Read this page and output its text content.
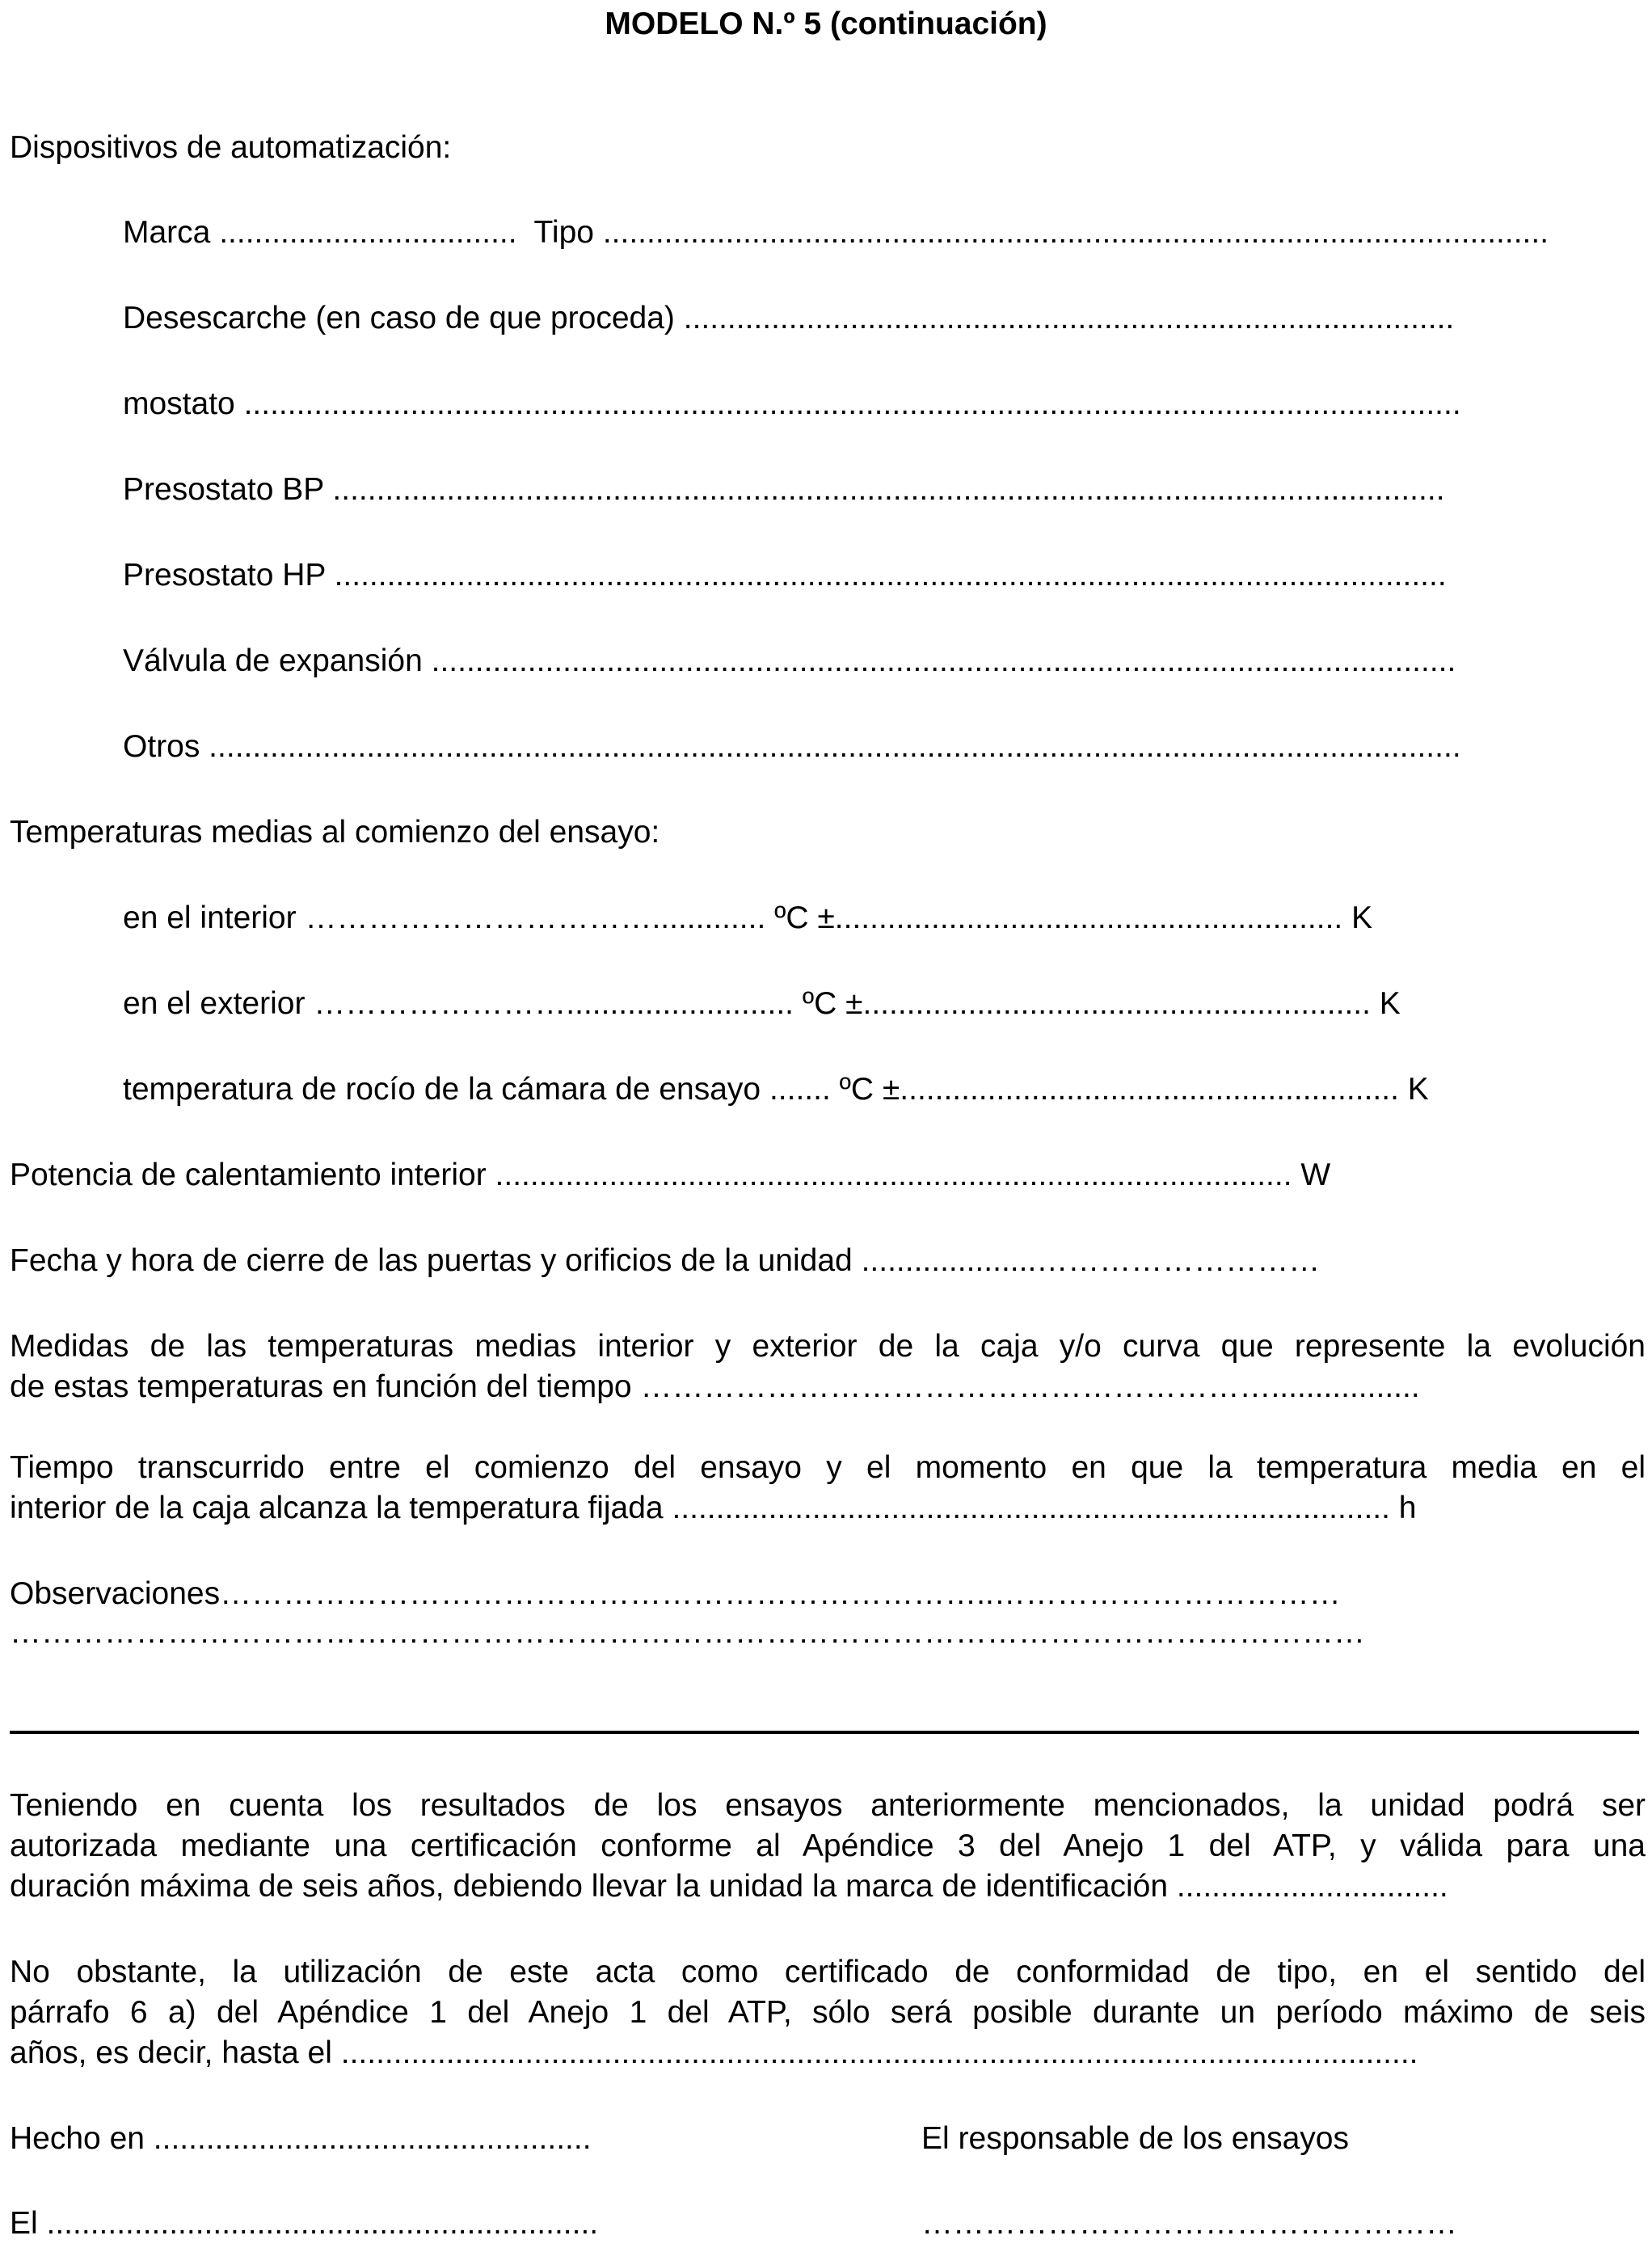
MODELO N.º 5 (continuación)
Dispositivos de automatización:
Marca ..................................  Tipo ............................................................................................................
Desescarche (en caso de que proceda) ........................................................................................
mostato ...........................................................................................................................................
Presostato BP ...............................................................................................................................
Presostato HP ...............................................................................................................................
Válvula de expansión .....................................................................................................................
Otros ...............................................................................................................................................
Temperaturas medias al comienzo del ensayo:
en el interior ……………………………............. ºC ±.......................................................... K
en el exterior …………………….......................... ºC ±.......................................................... K
temperatura de rocío de la cámara de ensayo ....... ºC ±......................................................... K
Potencia de calentamiento interior ........................................................................................... W
Fecha y hora de cierre de las puertas y orificios de la unidad ....................………………………
Medidas de las temperaturas medias interior y exterior de la caja y/o curva que represente la evolución
de estas temperaturas en función del tiempo …………………………………………………….................
Tiempo transcurrido entre el comienzo del ensayo y el momento en que la temperatura media en el
interior de la caja alcanza la temperatura fijada .................................................................................. h
Observaciones………………………………………………………………..……………………………
…………………………………………………………………………………………………………………
Teniendo en cuenta los resultados de los ensayos anteriormente mencionados, la unidad podrá ser
autorizada mediante una certificación conforme al Apéndice 3 del Anejo 1 del ATP, y válida para una
duración máxima de seis años, debiendo llevar la unidad la marca de identificación ...............................
No obstante, la utilización de este acta como certificado de conformidad de tipo, en el sentido del
párrafo 6 a) del Apéndice 1 del Anejo 1 del ATP, sólo será posible durante un período máximo de seis
años, es decir, hasta el ...........................................................................................................................
Hecho en ..................................................	El responsable de los ensayos
El ...............................................................	……………………………………………
